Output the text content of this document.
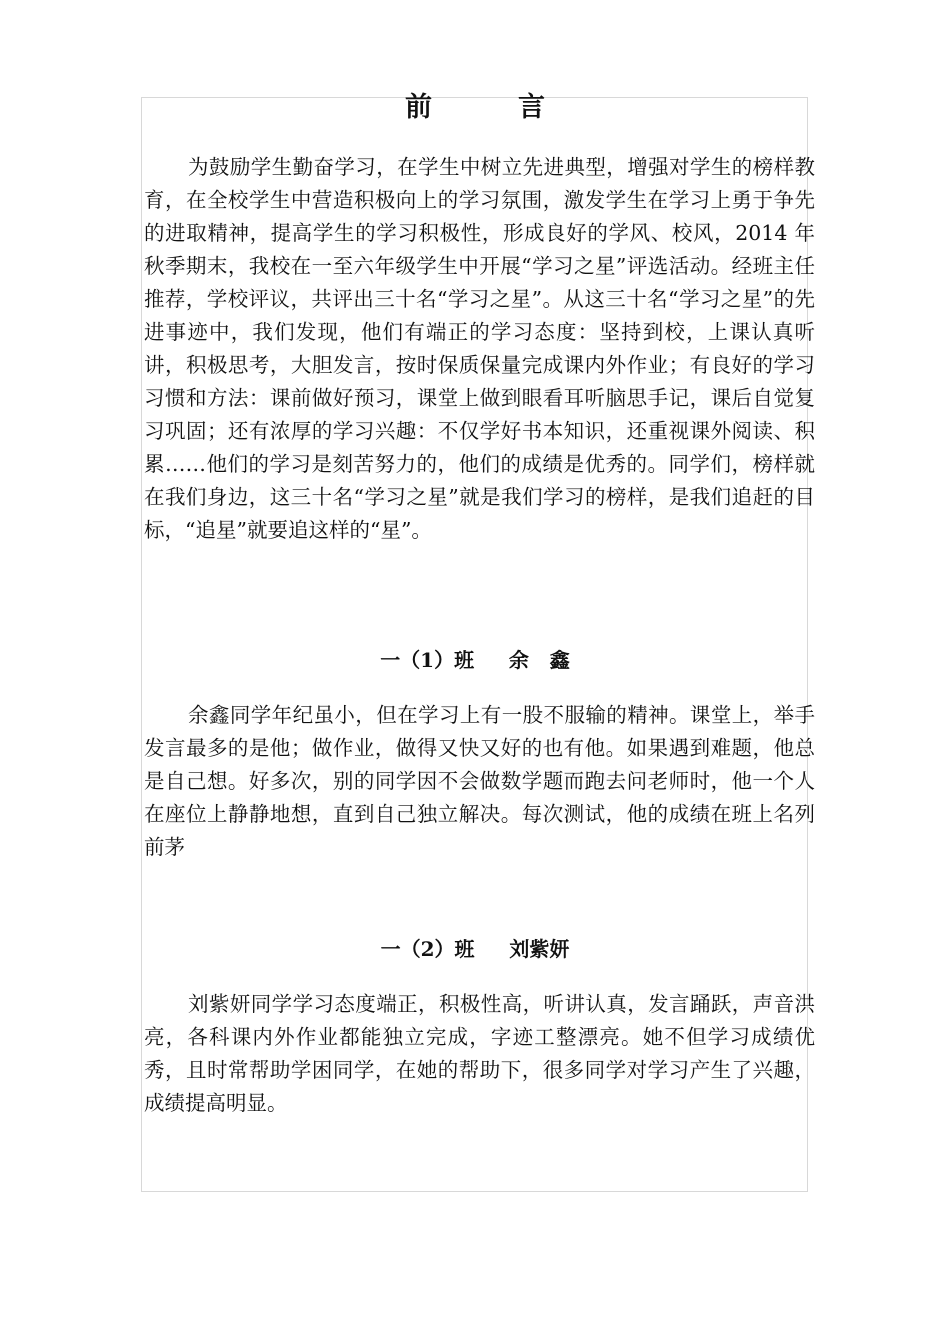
前言

为鼓励学生勤奋学习，在学生中树立先进典型，增强对学生的榜样教育，在全校学生中营造积极向上的学习氛围，激发学生在学习上勇于争先的进取精神，提高学生的学习积极性，形成良好的学风、校风，2014 年秋季期末，我校在一至六年级学生中开展“学习之星”评选活动。经班主任推荐，学校评议，共评出三十名“学习之星”。从这三十名“学习之星”的先进事迹中，我们发现，他们有端正的学习态度：坚持到校，上课认真听讲，积极思考，大胆发言，按时保质保量完成课内外作业；有良好的学习习惯和方法：课前做好预习，课堂上做到眼看耳听脑思手记，课后自觉复习巩固；还有浓厚的学习兴趣：不仅学好书本知识，还重视课外阅读、积累……他们的学习是刻苦努力的，他们的成绩是优秀的。同学们，榜样就在我们身边，这三十名“学习之星”就是我们学习的榜样，是我们追赶的目标，“追星”就要追这样的“星”。

一（1）班     余   鑫

余鑫同学年纪虽小，但在学习上有一股不服输的精神。课堂上，举手发言最多的是他；做作业，做得又快又好的也有他。如果遇到难题，他总是自己想。好多次，别的同学因不会做数学题而跑去问老师时，他一个人在座位上静静地想，直到自己独立解决。每次测试，他的成绩在班上名列前茅

一（2）班     刘紫妍

刘紫妍同学学习态度端正，积极性高，听讲认真，发言踊跃，声音洪亮，各科课内外作业都能独立完成，字迹工整漂亮。她不但学习成绩优秀，且时常帮助学困同学，在她的帮助下，很多同学对学习产生了兴趣，成绩提高明显。
